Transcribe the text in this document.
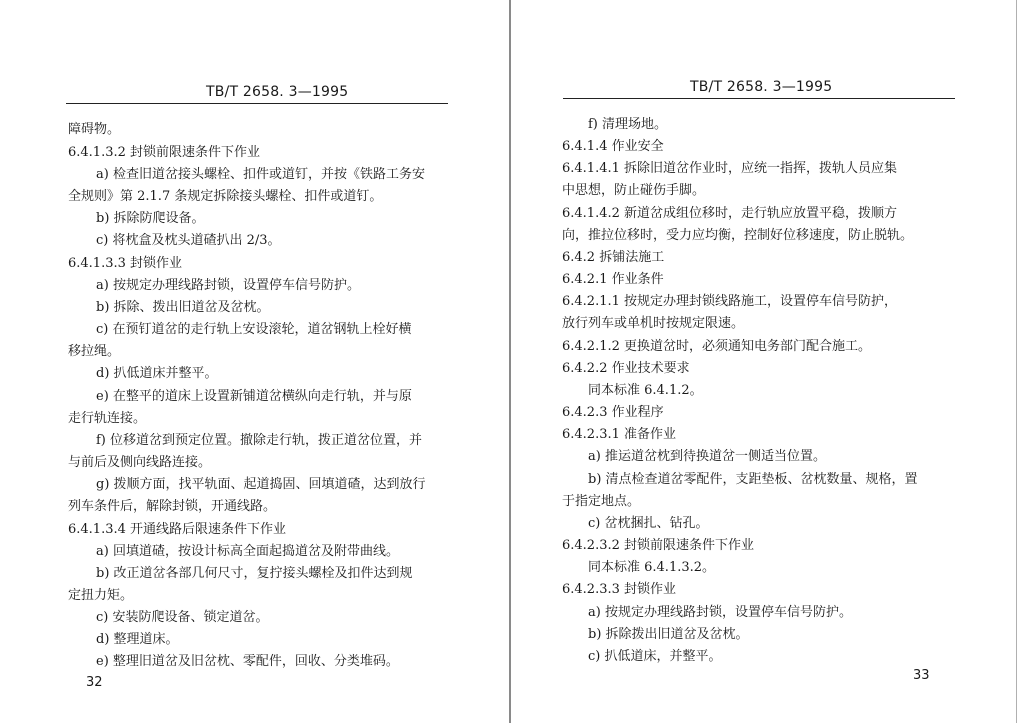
TB/T 2658. 3—1995
障碍物。
6.4.1.3.2 封锁前限速条件下作业
a) 检查旧道岔接头螺栓、扣件或道钉，并按《铁路工务安
全规则》第 2.1.7 条规定拆除接头螺栓、扣件或道钉。
b) 拆除防爬设备。
c) 将枕盒及枕头道碴扒出 2/3。
6.4.1.3.3 封锁作业
a) 按规定办理线路封锁，设置停车信号防护。
b) 拆除、拨出旧道岔及岔枕。
c) 在预钉道岔的走行轨上安设滚轮，道岔钢轨上栓好横
移拉绳。
d) 扒低道床并整平。
e) 在整平的道床上设置新铺道岔横纵向走行轨，并与原
走行轨连接。
f) 位移道岔到预定位置。撤除走行轨，拨正道岔位置，并
与前后及侧向线路连接。
g) 拨顺方面，找平轨面、起道捣固、回填道碴，达到放行
列车条件后，解除封锁，开通线路。
6.4.1.3.4 开通线路后限速条件下作业
a) 回填道碴，按设计标高全面起捣道岔及附带曲线。
b) 改正道岔各部几何尺寸，复拧接头螺栓及扣件达到规
定扭力矩。
c) 安装防爬设备、锁定道岔。
d) 整理道床。
e) 整理旧道岔及旧岔枕、零配件，回收、分类堆码。
32
TB/T 2658. 3—1995
f) 清理场地。
6.4.1.4 作业安全
6.4.1.4.1 拆除旧道岔作业时，应统一指挥，拨轨人员应集
中思想，防止碰伤手脚。
6.4.1.4.2 新道岔成组位移时，走行轨应放置平稳，拨顺方
向，推拉位移时，受力应均衡，控制好位移速度，防止脱轨。
6.4.2 拆铺法施工
6.4.2.1 作业条件
6.4.2.1.1 按规定办理封锁线路施工，设置停车信号防护，
放行列车或单机时按规定限速。
6.4.2.1.2 更换道岔时，必须通知电务部门配合施工。
6.4.2.2 作业技术要求
同本标准 6.4.1.2。
6.4.2.3 作业程序
6.4.2.3.1 准备作业
a) 推运道岔枕到待换道岔一侧适当位置。
b) 清点检查道岔零配件，支距垫板、岔枕数量、规格，置
于指定地点。
c) 岔枕捆扎、钻孔。
6.4.2.3.2 封锁前限速条件下作业
同本标准 6.4.1.3.2。
6.4.2.3.3 封锁作业
a) 按规定办理线路封锁，设置停车信号防护。
b) 拆除拨出旧道岔及岔枕。
c) 扒低道床，并整平。
33
